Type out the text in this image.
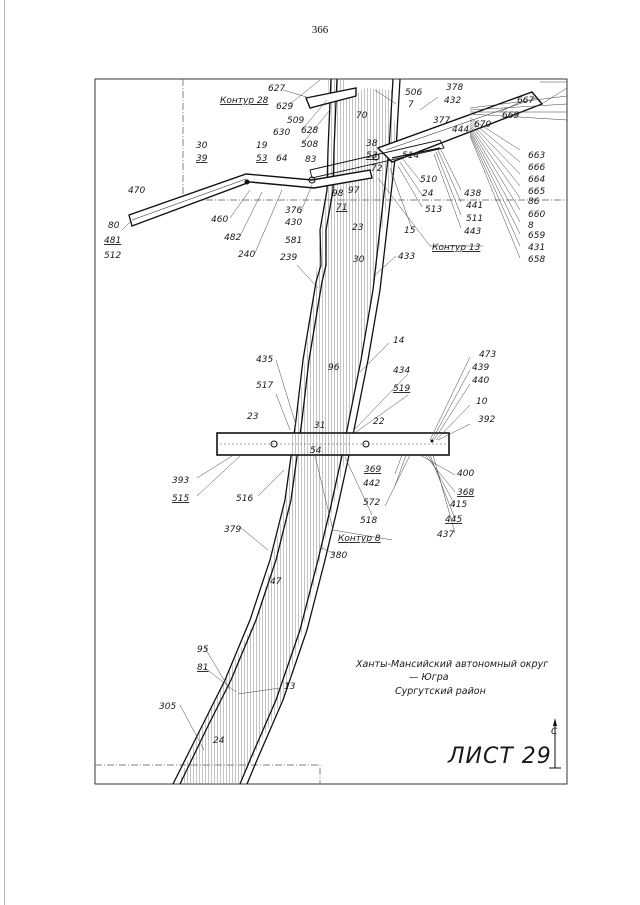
366
Контур 28
Контур 13
Контур 8
627
629
509
630 628
508
506
7
378
432	667
669
377
444 670
663
666
664
665
86
660
8
659
431
658
70
30
39
19
53 64 83
38
53
72
514
470	98 97
71
510
24
513
438
441
511
443
80
481
512
460
482
240
376
430
581
23	15
239	30	433
14
96
435
434
517	519
473
439
440
10
392
23
31	22
54
369
442
572
518
400
368
415
445
437
393
515	516
379
380
47
95
81
13
305
24
Ханты-Мансийский автономный округ
— Югра
Сургутский район
ЛИСТ 29
С
